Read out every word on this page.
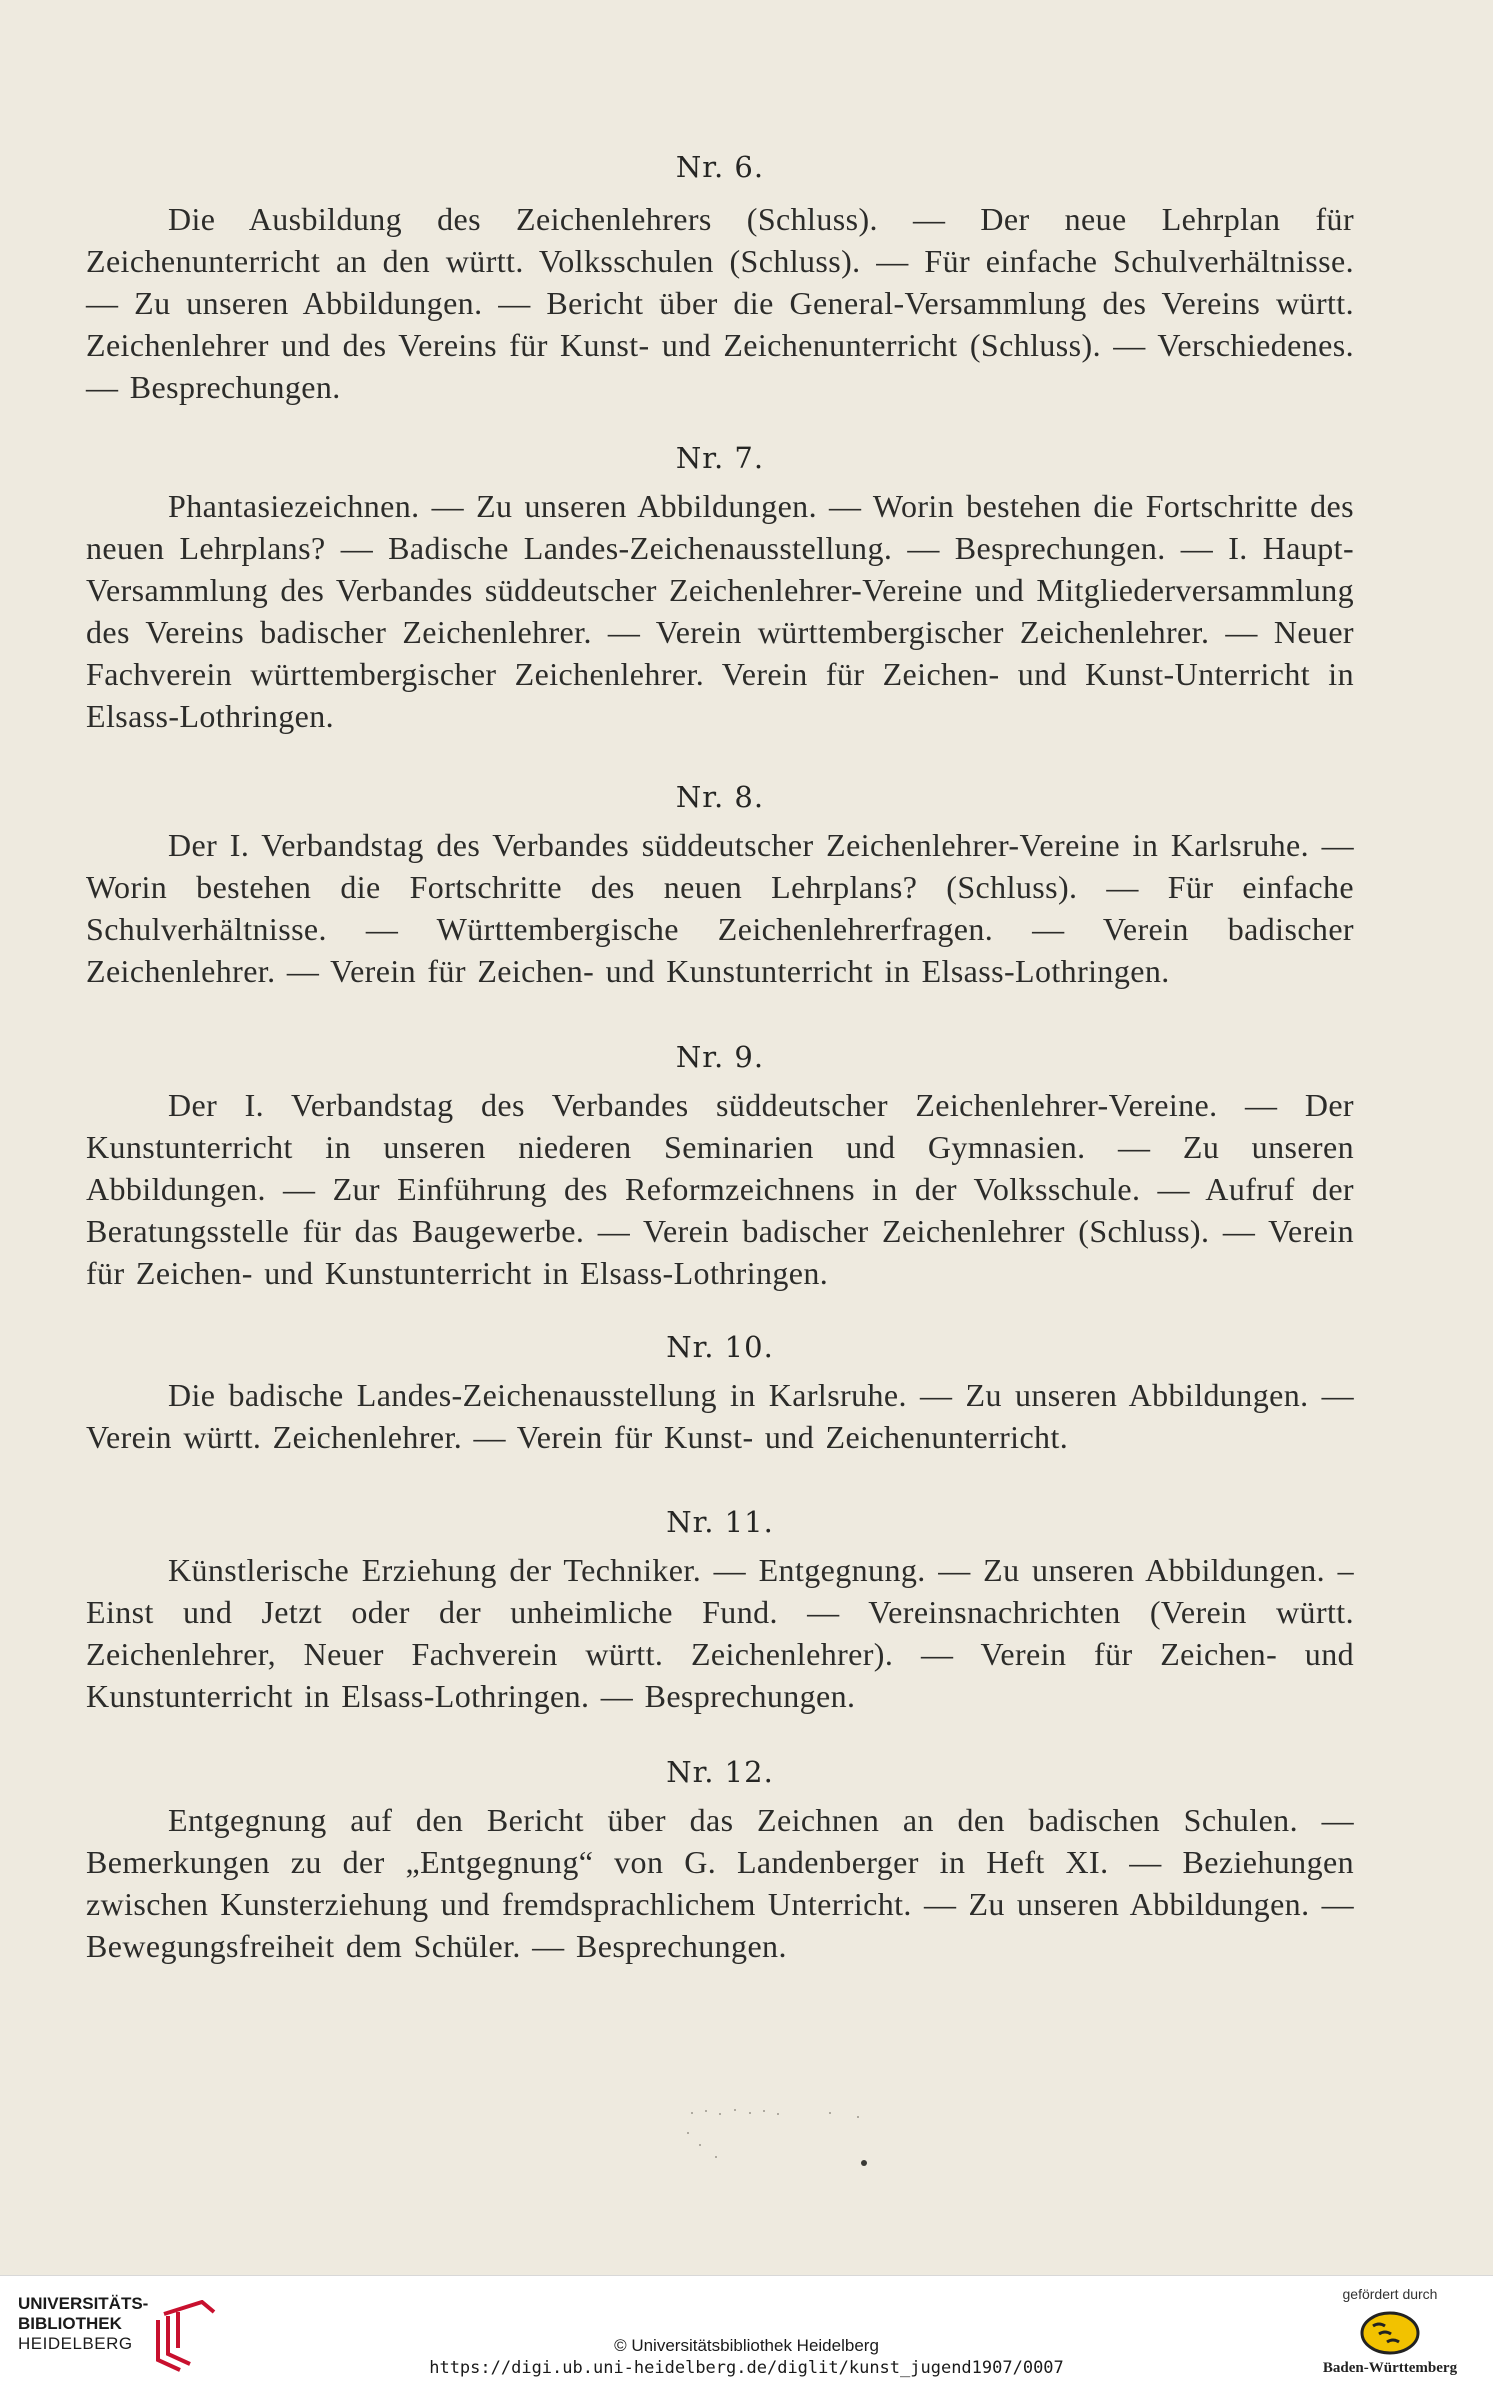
Nr. 6.
Die Ausbildung des Zeichenlehrers (Schluss). — Der neue Lehrplan für Zeichenunterricht an den württ. Volksschulen (Schluss). — Für einfache Schulverhältnisse. — Zu unseren Abbildungen. — Bericht über die General-Versammlung des Vereins württ. Zeichenlehrer und des Vereins für Kunst- und Zeichenunterricht (Schluss). — Verschiedenes. — Besprechungen.
Nr. 7.
Phantasiezeichnen. — Zu unseren Abbildungen. — Worin bestehen die Fortschritte des neuen Lehrplans? — Badische Landes-Zeichenausstellung. — Besprechungen. — I. Haupt-Versammlung des Verbandes süddeutscher Zeichenlehrer-Vereine und Mitgliederversammlung des Vereins badischer Zeichenlehrer. — Verein württembergischer Zeichenlehrer. — Neuer Fachverein württembergischer Zeichenlehrer. Verein für Zeichen- und Kunst-Unterricht in Elsass-Lothringen.
Nr. 8.
Der I. Verbandstag des Verbandes süddeutscher Zeichenlehrer-Vereine in Karlsruhe. — Worin bestehen die Fortschritte des neuen Lehrplans? (Schluss). — Für einfache Schulverhältnisse. — Württembergische Zeichenlehrerfragen. — Verein badischer Zeichenlehrer. — Verein für Zeichen- und Kunstunterricht in Elsass-Lothringen.
Nr. 9.
Der I. Verbandstag des Verbandes süddeutscher Zeichenlehrer-Vereine. — Der Kunstunterricht in unseren niederen Seminarien und Gymnasien. — Zu unseren Abbildungen. — Zur Einführung des Reformzeichnens in der Volksschule. — Aufruf der Beratungsstelle für das Baugewerbe. — Verein badischer Zeichenlehrer (Schluss). — Verein für Zeichen- und Kunstunterricht in Elsass-Lothringen.
Nr. 10.
Die badische Landes-Zeichenausstellung in Karlsruhe. — Zu unseren Abbildungen. — Verein württ. Zeichenlehrer. — Verein für Kunst- und Zeichenunterricht.
Nr. 11.
Künstlerische Erziehung der Techniker. — Entgegnung. — Zu unseren Abbildungen. – Einst und Jetzt oder der unheimliche Fund. — Vereinsnachrichten (Verein württ. Zeichenlehrer, Neuer Fachverein württ. Zeichenlehrer). — Verein für Zeichen- und Kunstunterricht in Elsass-Lothringen. — Besprechungen.
Nr. 12.
Entgegnung auf den Bericht über das Zeichnen an den badischen Schulen. — Bemerkungen zu der „Entgegnung“ von G. Landenberger in Heft XI. — Beziehungen zwischen Kunsterziehung und fremdsprachlichem Unterricht. — Zu unseren Abbildungen. — Bewegungsfreiheit dem Schüler. — Besprechungen.
UNIVERSITÄTS-
BIBLIOTHEK
HEIDELBERG	© Universitätsbibliothek Heidelberg
https://digi.ub.uni-heidelberg.de/diglit/kunst_jugend1907/0007
gefördert durch
Baden-Württemberg
